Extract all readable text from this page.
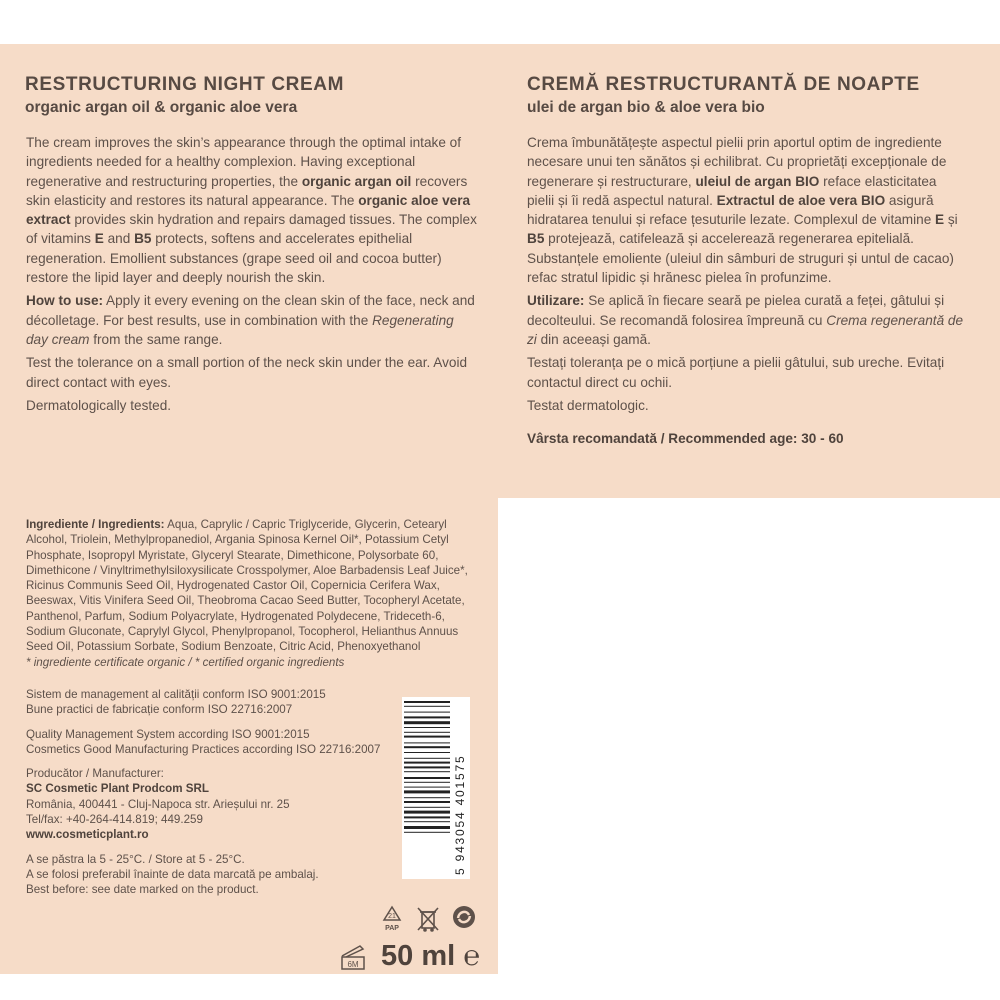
RESTRUCTURING NIGHT CREAM
organic argan oil & organic aloe vera

The cream improves the skin’s appearance through the optimal intake of ingredients needed for a healthy complexion. Having exceptional regenerative and restructuring properties, the organic argan oil recovers skin elasticity and restores its natural appearance. The organic aloe vera extract provides skin hydration and repairs damaged tissues. The complex of vitamins E and B5 protects, softens and accelerates epithelial regeneration. Emollient substances (grape seed oil and cocoa butter) restore the lipid layer and deeply nourish the skin.

How to use: Apply it every evening on the clean skin of the face, neck and décolletage. For best results, use in combination with the Regenerating day cream from the same range.

Test the tolerance on a small portion of the neck skin under the ear. Avoid direct contact with eyes.

Dermatologically tested.

CREMĂ RESTRUCTURANTĂ DE NOAPTE
ulei de argan bio & aloe vera bio

Crema îmbunătățește aspectul pielii prin aportul optim de ingrediente necesare unui ten sănătos și echilibrat. Cu proprietăți excepționale de regenerare și restructurare, uleiul de argan BIO reface elasticitatea pielii și îi redă aspectul natural. Extractul de aloe vera BIO asigură hidratarea tenului și reface țesuturile lezate. Complexul de vitamine E și B5 protejează, catifelează și accelerează regenerarea epitelială. Substanțele emoliente (uleiul din sâmburi de struguri și untul de cacao) refac stratul lipidic și hrănesc pielea în profunzime.

Utilizare: Se aplică în fiecare seară pe pielea curată a feței, gâtului și decolteului. Se recomandă folosirea împreună cu Crema regenerantă de zi din aceeași gamă.

Testați toleranța pe o mică porțiune a pielii gâtului, sub ureche. Evitați contactul direct cu ochii.

Testat dermatologic.

Vârsta recomandată / Recommended age: 30 - 60

Ingrediente / Ingredients: Aqua, Caprylic / Capric Triglyceride, Glycerin, Cetearyl Alcohol, Triolein, Methylpropanediol, Argania Spinosa Kernel Oil*, Potassium Cetyl Phosphate, Isopropyl Myristate, Glyceryl Stearate, Dimethicone, Polysorbate 60, Dimethicone / Vinyltrimethylsiloxysilicate Crosspolymer, Aloe Barbadensis Leaf Juice*, Ricinus Communis Seed Oil, Hydrogenated Castor Oil, Copernicia Cerifera Wax, Beeswax, Vitis Vinifera Seed Oil, Theobroma Cacao Seed Butter, Tocopheryl Acetate, Panthenol, Parfum, Sodium Polyacrylate, Hydrogenated Polydecene, Trideceth-6, Sodium Gluconate, Caprylyl Glycol, Phenylpropanol, Tocopherol, Helianthus Annuus Seed Oil, Potassium Sorbate, Sodium Benzoate, Citric Acid, Phenoxyethanol

* ingrediente certificate organic / * certified organic ingredients

Sistem de management al calității conform ISO 9001:2015
Bune practici de fabricație conform ISO 22716:2007

Quality Management System according ISO 9001:2015
Cosmetics Good Manufacturing Practices according ISO 22716:2007

Producător / Manufacturer:
SC Cosmetic Plant Prodcom SRL
România, 400441 - Cluj-Napoca str. Arieșului nr. 25
Tel/fax: +40-264-414.819; 449.259
www.cosmeticplant.ro

A se păstra la 5 - 25°C. / Store at 5 - 25°C.
A se folosi preferabil înainte de data marcată pe ambalaj.
Best before: see date marked on the product.

5 943054 401575
21
PAP
6M 50 ml ℮
